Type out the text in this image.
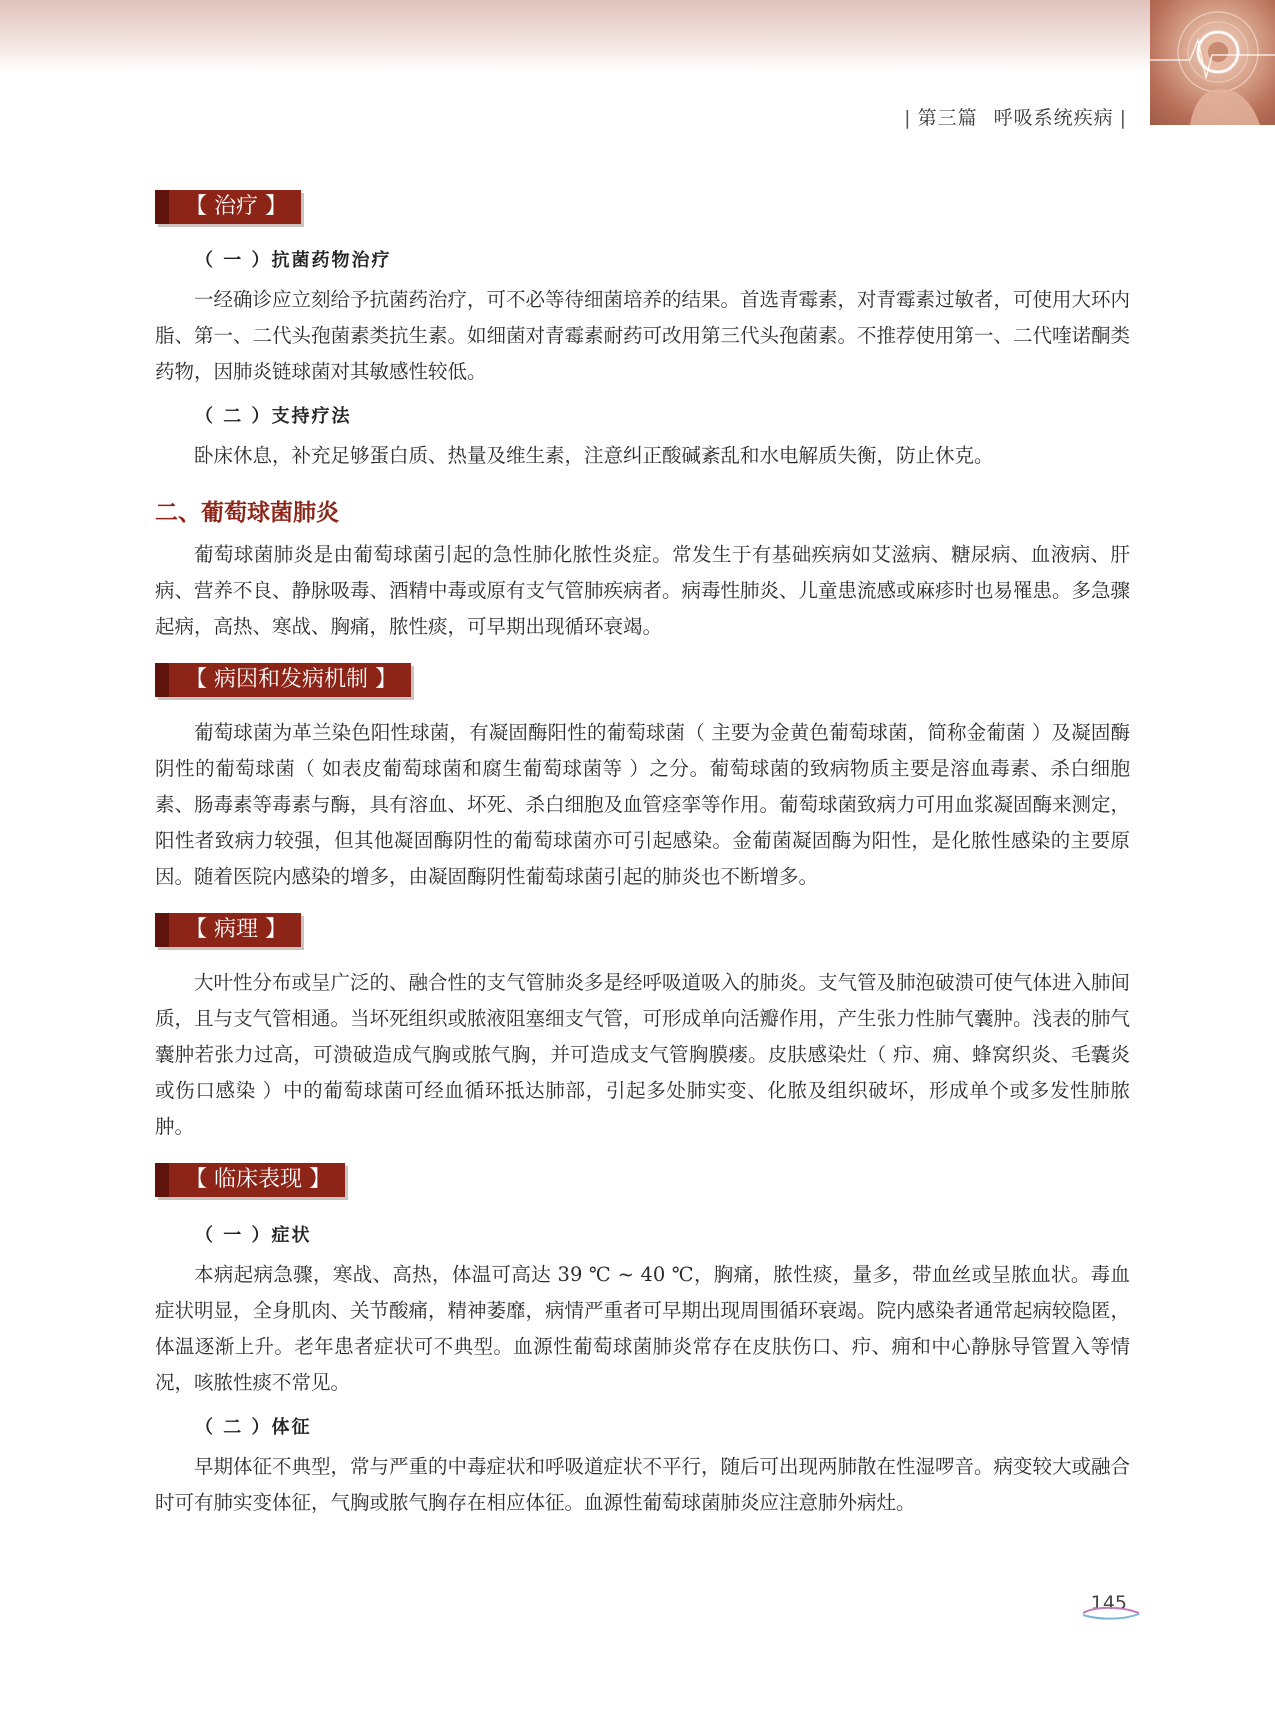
| 第三篇 呼吸系统疾病 |
【 治疗 】
（ 一 ）抗菌药物治疗

一经确诊应立刻给予抗菌药治疗，可不必等待细菌培养的结果。首选青霉素，对青霉素过敏者，可使用大环内脂、第一、二代头孢菌素类抗生素。如细菌对青霉素耐药可改用第三代头孢菌素。不推荐使用第一、二代喹诺酮类药物，因肺炎链球菌对其敏感性较低。

（ 二 ）支持疗法

卧床休息，补充足够蛋白质、热量及维生素，注意纠正酸碱紊乱和水电解质失衡，防止休克。

二、葡萄球菌肺炎

葡萄球菌肺炎是由葡萄球菌引起的急性肺化脓性炎症。常发生于有基础疾病如艾滋病、糖尿病、血液病、肝病、营养不良、静脉吸毒、酒精中毒或原有支气管肺疾病者。病毒性肺炎、儿童患流感或麻疹时也易罹患。多急骤起病，高热、寒战、胸痛，脓性痰，可早期出现循环衰竭。

【 病因和发病机制 】

葡萄球菌为革兰染色阳性球菌，有凝固酶阳性的葡萄球菌（ 主要为金黄色葡萄球菌，简称金葡菌 ）及凝固酶阴性的葡萄球菌（ 如表皮葡萄球菌和腐生葡萄球菌等 ）之分。葡萄球菌的致病物质主要是溶血毒素、杀白细胞素、肠毒素等毒素与酶，具有溶血、坏死、杀白细胞及血管痉挛等作用。葡萄球菌致病力可用血浆凝固酶来测定，阳性者致病力较强，但其他凝固酶阴性的葡萄球菌亦可引起感染。金葡菌凝固酶为阳性，是化脓性感染的主要原因。随着医院内感染的增多，由凝固酶阴性葡萄球菌引起的肺炎也不断增多。

【 病理 】

大叶性分布或呈广泛的、融合性的支气管肺炎多是经呼吸道吸入的肺炎。支气管及肺泡破溃可使气体进入肺间质，且与支气管相通。当坏死组织或脓液阻塞细支气管，可形成单向活瓣作用，产生张力性肺气囊肿。浅表的肺气囊肿若张力过高，可溃破造成气胸或脓气胸，并可造成支气管胸膜瘘。皮肤感染灶（ 疖、痈、蜂窝织炎、毛囊炎或伤口感染 ）中的葡萄球菌可经血循环抵达肺部，引起多处肺实变、化脓及组织破坏，形成单个或多发性肺脓肿。

【 临床表现 】
（ 一 ）症状

本病起病急骤，寒战、高热，体温可高达 39 ℃ ~ 40 ℃，胸痛，脓性痰，量多，带血丝或呈脓血状。毒血症状明显，全身肌肉、关节酸痛，精神萎靡，病情严重者可早期出现周围循环衰竭。院内感染者通常起病较隐匿，体温逐渐上升。老年患者症状可不典型。血源性葡萄球菌肺炎常存在皮肤伤口、疖、痈和中心静脉导管置入等情况，咳脓性痰不常见。

（ 二 ）体征

早期体征不典型，常与严重的中毒症状和呼吸道症状不平行，随后可出现两肺散在性湿啰音。病变较大或融合时可有肺实变体征，气胸或脓气胸存在相应体征。血源性葡萄球菌肺炎应注意肺外病灶。

145
